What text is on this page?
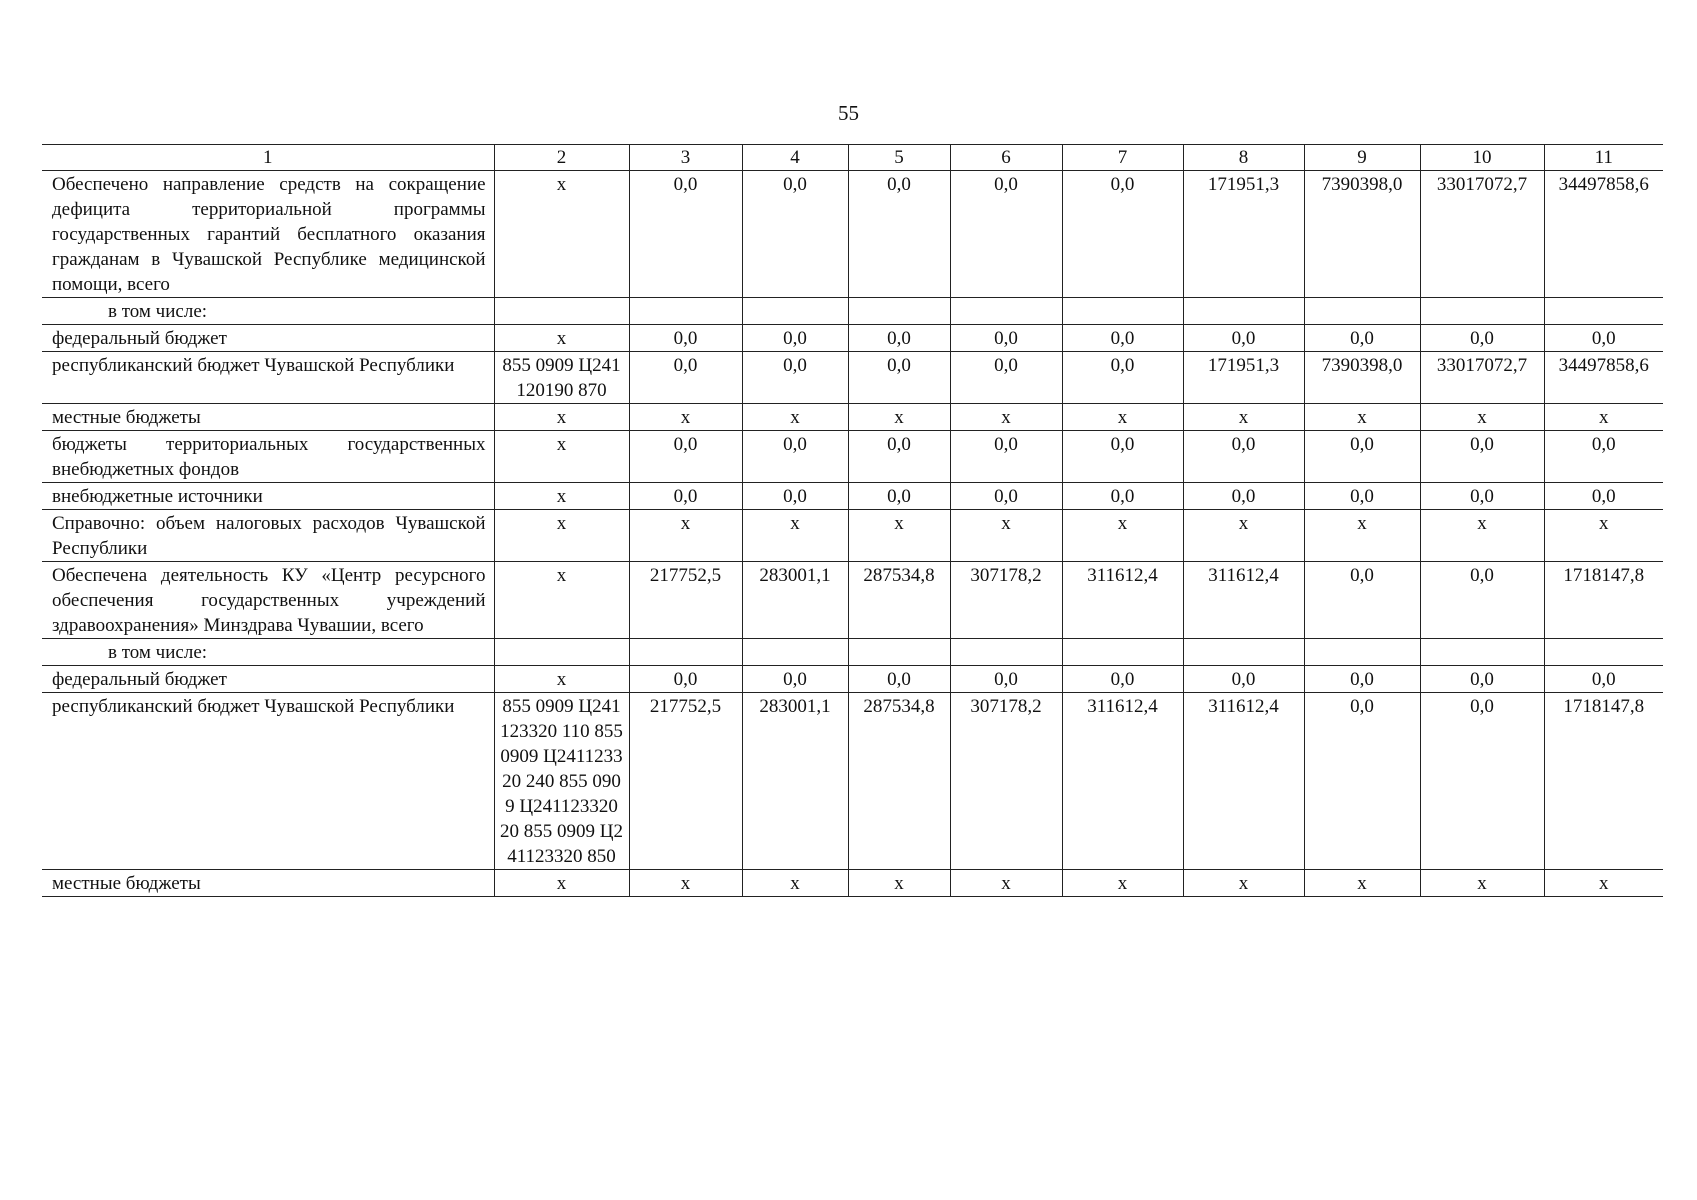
55
1	2	3	4	5	6	7	8	9	10	11
Обеспечено направление средств на сокращение дефицита территориальной программы государственных гарантий бесплатного оказания гражданам в Чувашской Республике медицинской помощи, всего	x	0,0	0,0	0,0	0,0	0,0	171951,3	7390398,0	33017072,7	34497858,6
в том числе:										
федеральный бюджет	x	0,0	0,0	0,0	0,0	0,0	0,0	0,0	0,0	0,0
республиканский бюджет Чувашской Республики	855 0909 Ц241120190 870	0,0	0,0	0,0	0,0	0,0	171951,3	7390398,0	33017072,7	34497858,6
местные бюджеты	x	x	x	x	x	x	x	x	x	x
бюджеты территориальных государственных внебюджетных фондов	x	0,0	0,0	0,0	0,0	0,0	0,0	0,0	0,0	0,0
внебюджетные источники	x	0,0	0,0	0,0	0,0	0,0	0,0	0,0	0,0	0,0
Справочно: объем налоговых расходов Чувашской Республики	x	x	x	x	x	x	x	x	x	x
Обеспечена деятельность КУ «Центр ресурсного обеспечения государственных учреждений здравоохранения» Минздрава Чувашии, всего	x	217752,5	283001,1	287534,8	307178,2	311612,4	311612,4	0,0	0,0	1718147,8
в том числе:										
федеральный бюджет	x	0,0	0,0	0,0	0,0	0,0	0,0	0,0	0,0	0,0
республиканский бюджет Чувашской Республики	855 0909 Ц241123320 110 855 0909 Ц241123320 240 855 0909 Ц241123320 20 855 0909 Ц241123320 850	217752,5	283001,1	287534,8	307178,2	311612,4	311612,4	0,0	0,0	1718147,8
местные бюджеты	x	x	x	x	x	x	x	x	x	x
